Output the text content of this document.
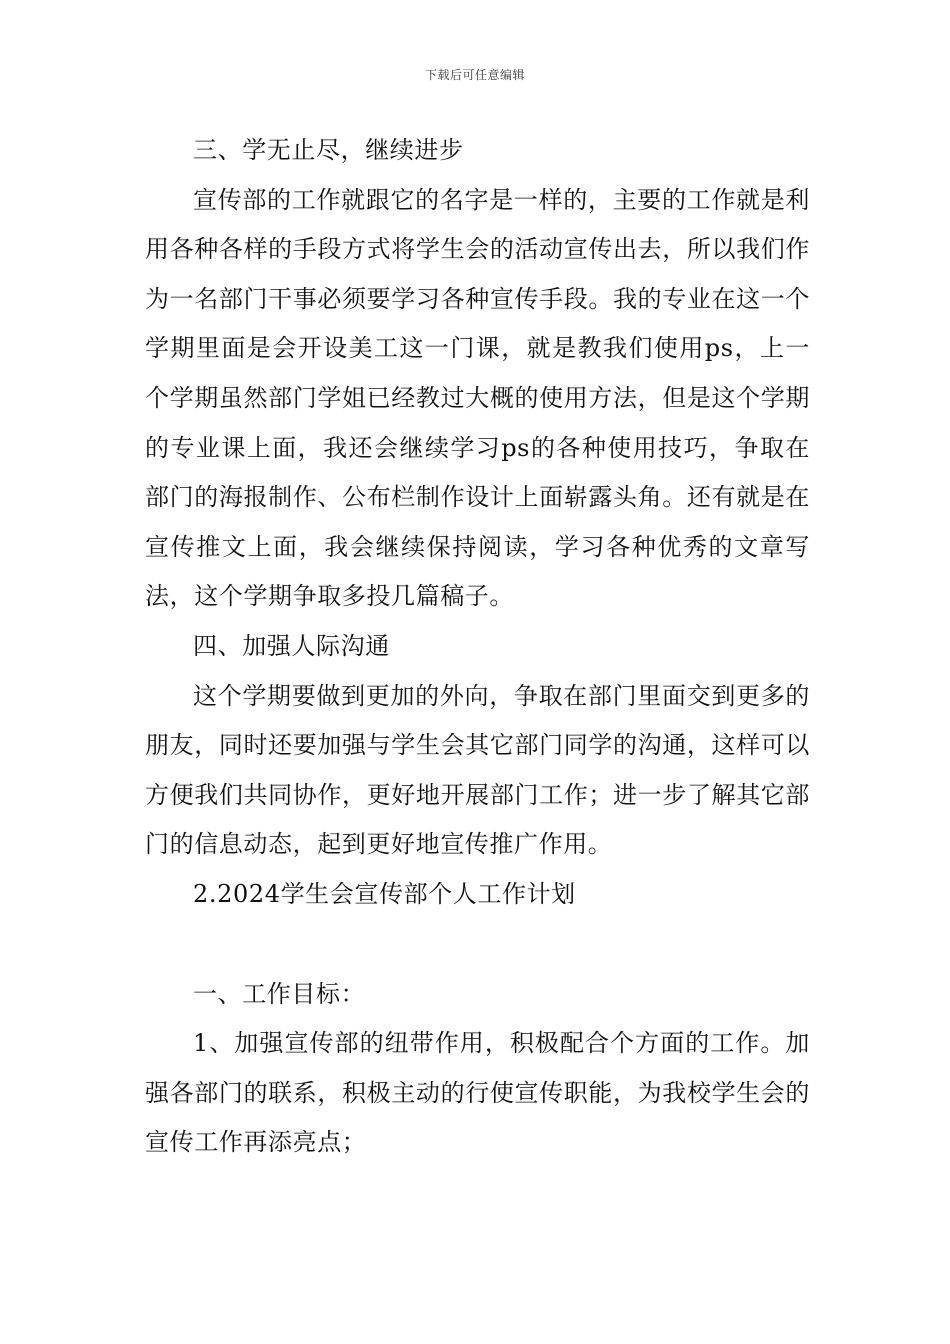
下载后可任意编辑

三、学无止尽，继续进步

宣传部的工作就跟它的名字是一样的，主要的工作就是利用各种各样的手段方式将学生会的活动宣传出去，所以我们作为一名部门干事必须要学习各种宣传手段。我的专业在这一个学期里面是会开设美工这一门课，就是教我们使用ps，上一个学期虽然部门学姐已经教过大概的使用方法，但是这个学期的专业课上面，我还会继续学习ps的各种使用技巧，争取在部门的海报制作、公布栏制作设计上面崭露头角。还有就是在宣传推文上面，我会继续保持阅读，学习各种优秀的文章写法，这个学期争取多投几篇稿子。

四、加强人际沟通

这个学期要做到更加的外向，争取在部门里面交到更多的朋友，同时还要加强与学生会其它部门同学的沟通，这样可以方便我们共同协作，更好地开展部门工作；进一步了解其它部门的信息动态，起到更好地宣传推广作用。

2.2024学生会宣传部个人工作计划

一、工作目标：

1、加强宣传部的纽带作用，积极配合个方面的工作。加强各部门的联系，积极主动的行使宣传职能，为我校学生会的宣传工作再添亮点；
